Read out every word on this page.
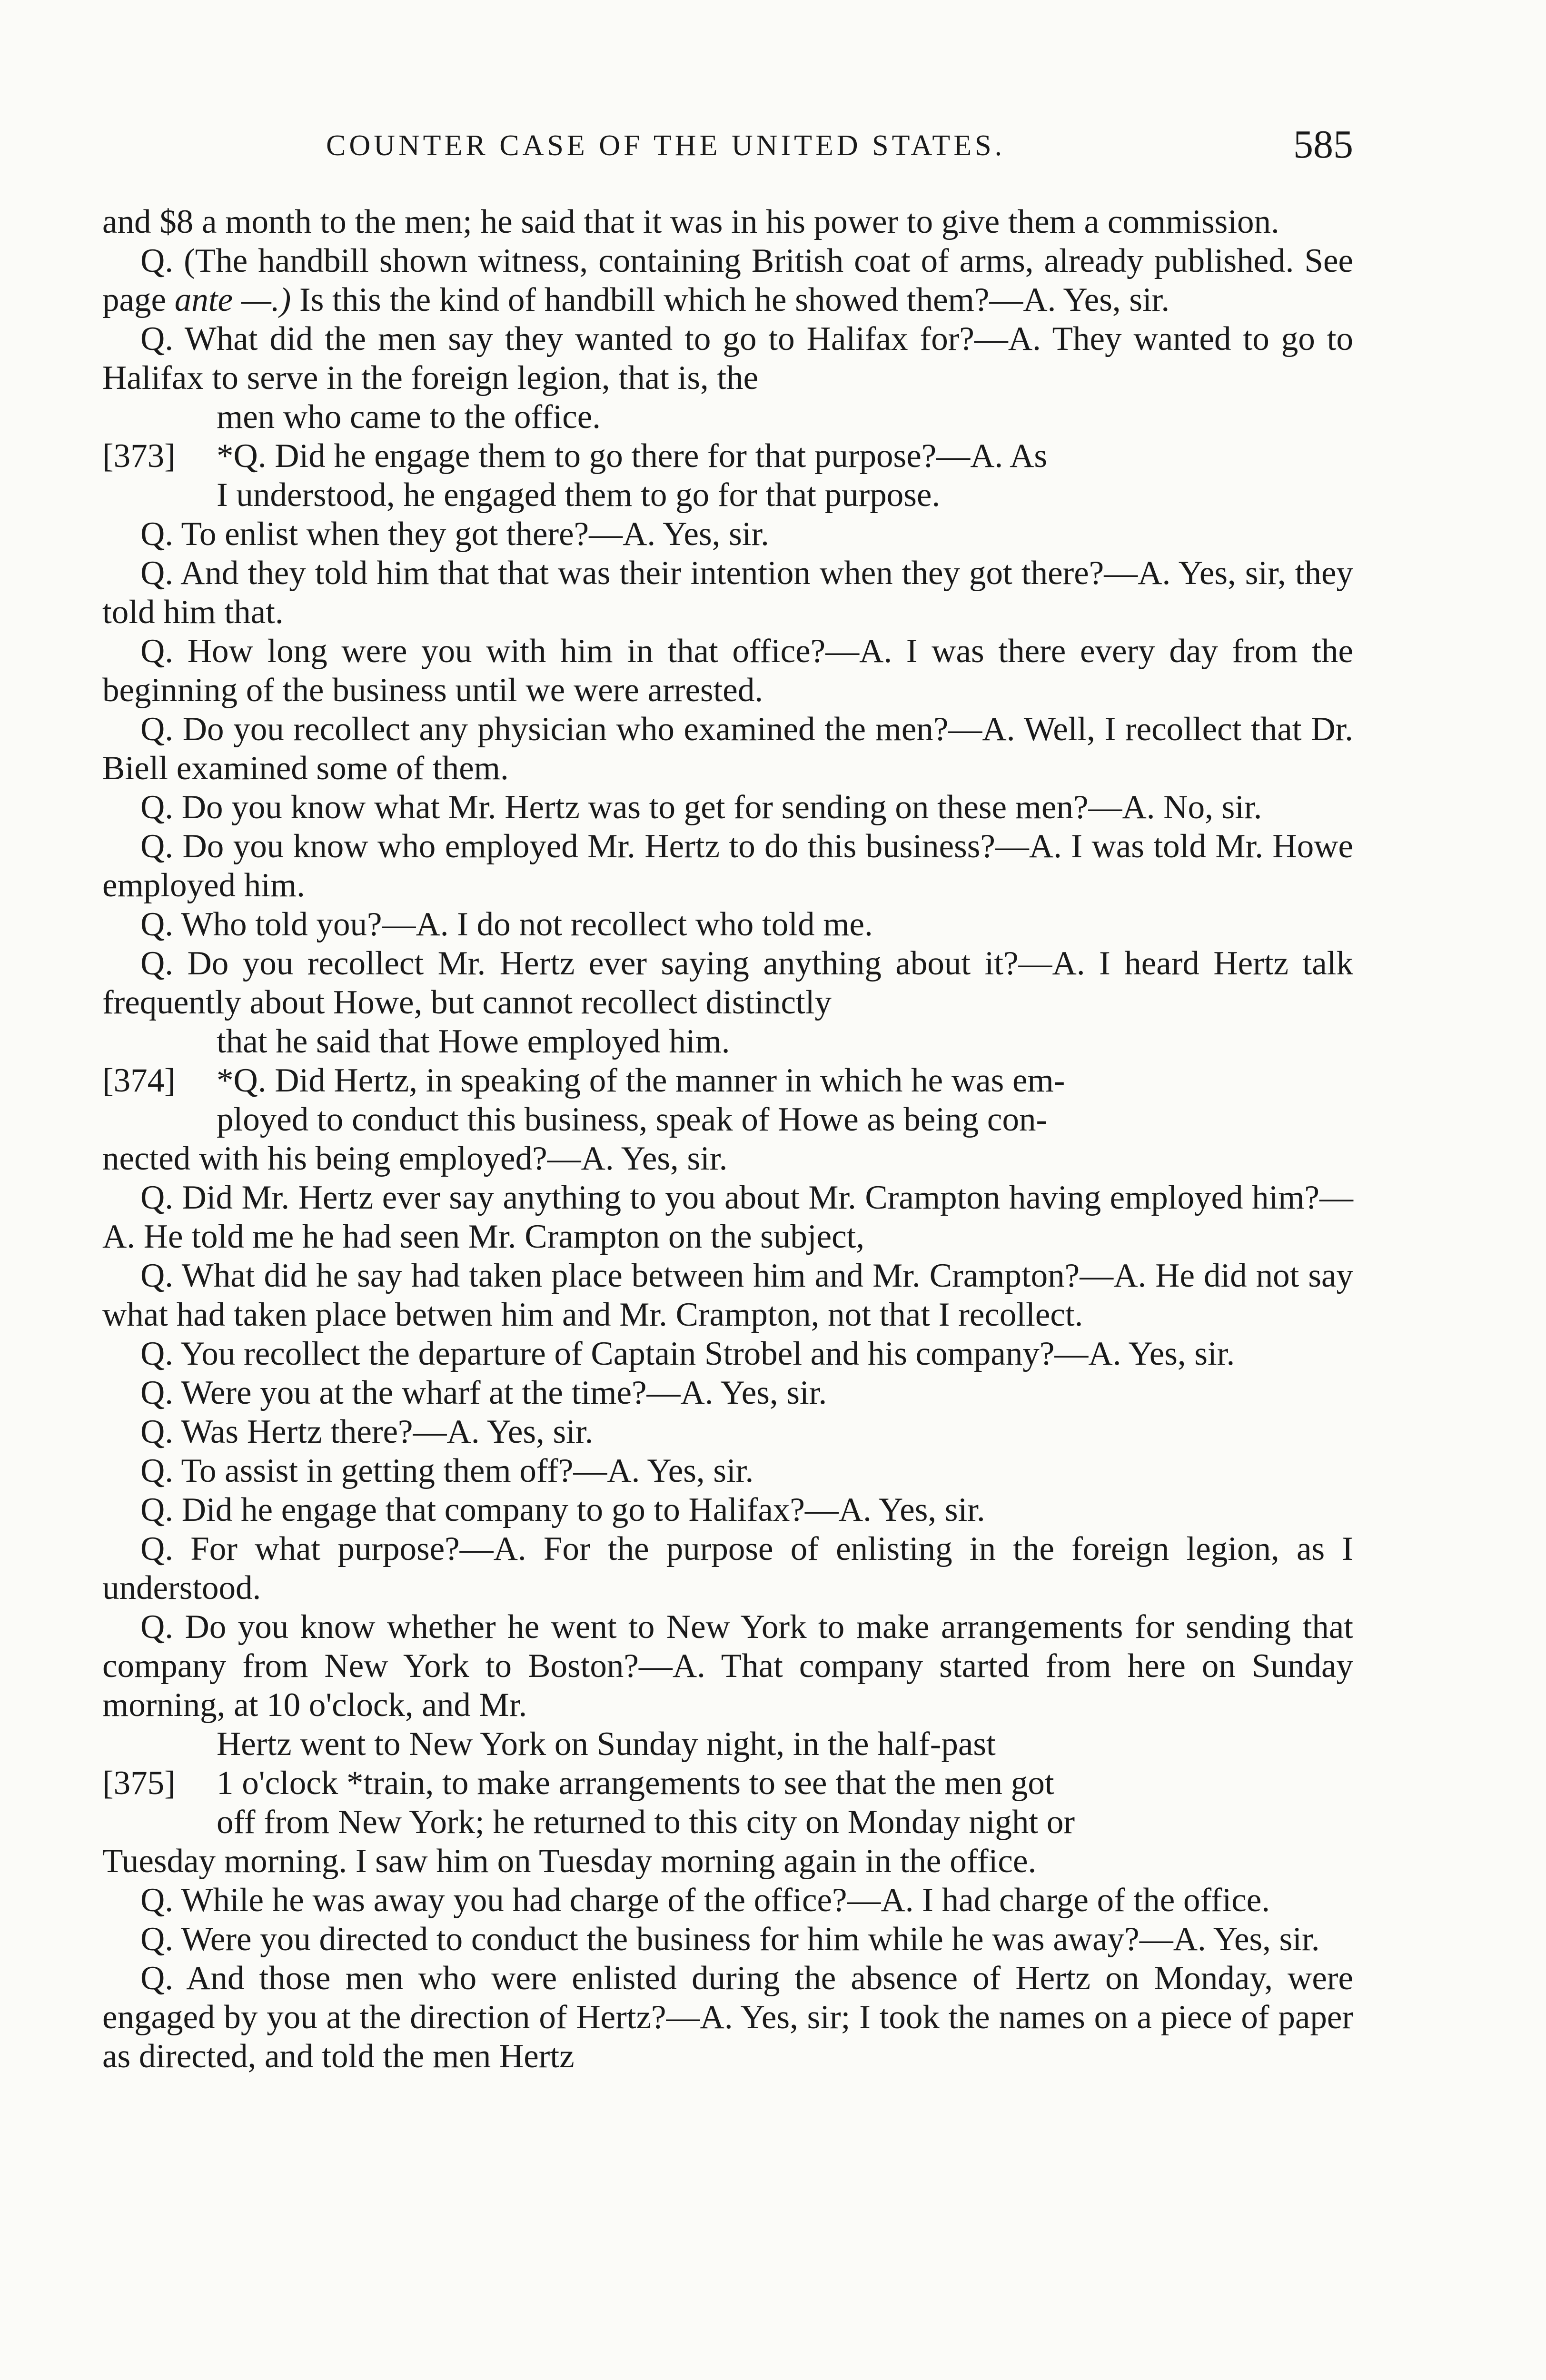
COUNTER CASE OF THE UNITED STATES.	585

and $8 a month to the men; he said that it was in his power to give them a commission.

Q. (The handbill shown witness, containing British coat of arms, already published. See page ante —.) Is this the kind of handbill which he showed them?—A. Yes, sir.

Q. What did the men say they wanted to go to Halifax for?—A. They wanted to go to Halifax to serve in the foreign legion, that is, the
men who came to the office.

[373]	*Q. Did he engage them to go there for that purpose?—A. As
I understood, he engaged them to go for that purpose.

Q. To enlist when they got there?—A. Yes, sir.

Q. And they told him that that was their intention when they got there?—A. Yes, sir, they told him that.

Q. How long were you with him in that office?—A. I was there every day from the beginning of the business until we were arrested.

Q. Do you recollect any physician who examined the men?—A. Well, I recollect that Dr. Biell examined some of them.

Q. Do you know what Mr. Hertz was to get for sending on these men?—A. No, sir.

Q. Do you know who employed Mr. Hertz to do this business?—A. I was told Mr. Howe employed him.

Q. Who told you?—A. I do not recollect who told me.

Q. Do you recollect Mr. Hertz ever saying anything about it?—A. I heard Hertz talk frequently about Howe, but cannot recollect distinctly
that he said that Howe employed him.

[374]	*Q. Did Hertz, in speaking of the manner in which he was em-
ployed to conduct this business, speak of Howe as being con-
nected with his being employed?—A. Yes, sir.

Q. Did Mr. Hertz ever say anything to you about Mr. Crampton having employed him?—A. He told me he had seen Mr. Crampton on the subject,

Q. What did he say had taken place between him and Mr. Crampton?—A. He did not say what had taken place betwen him and Mr. Crampton, not that I recollect.

Q. You recollect the departure of Captain Strobel and his company?—A. Yes, sir.

Q. Were you at the wharf at the time?—A. Yes, sir.

Q. Was Hertz there?—A. Yes, sir.

Q. To assist in getting them off?—A. Yes, sir.

Q. Did he engage that company to go to Halifax?—A. Yes, sir.

Q. For what purpose?—A. For the purpose of enlisting in the foreign legion, as I understood.

Q. Do you know whether he went to New York to make arrangements for sending that company from New York to Boston?—A. That company started from here on Sunday morning, at 10 o'clock, and Mr.
Hertz went to New York on Sunday night, in the half-past

[375]	1 o'clock *train, to make arrangements to see that the men got
off from New York; he returned to this city on Monday night or
Tuesday morning. I saw him on Tuesday morning again in the office.

Q. While he was away you had charge of the office?—A. I had charge of the office.

Q. Were you directed to conduct the business for him while he was away?—A. Yes, sir.

Q. And those men who were enlisted during the absence of Hertz on Monday, were engaged by you at the direction of Hertz?—A. Yes, sir; I took the names on a piece of paper as directed, and told the men Hertz
